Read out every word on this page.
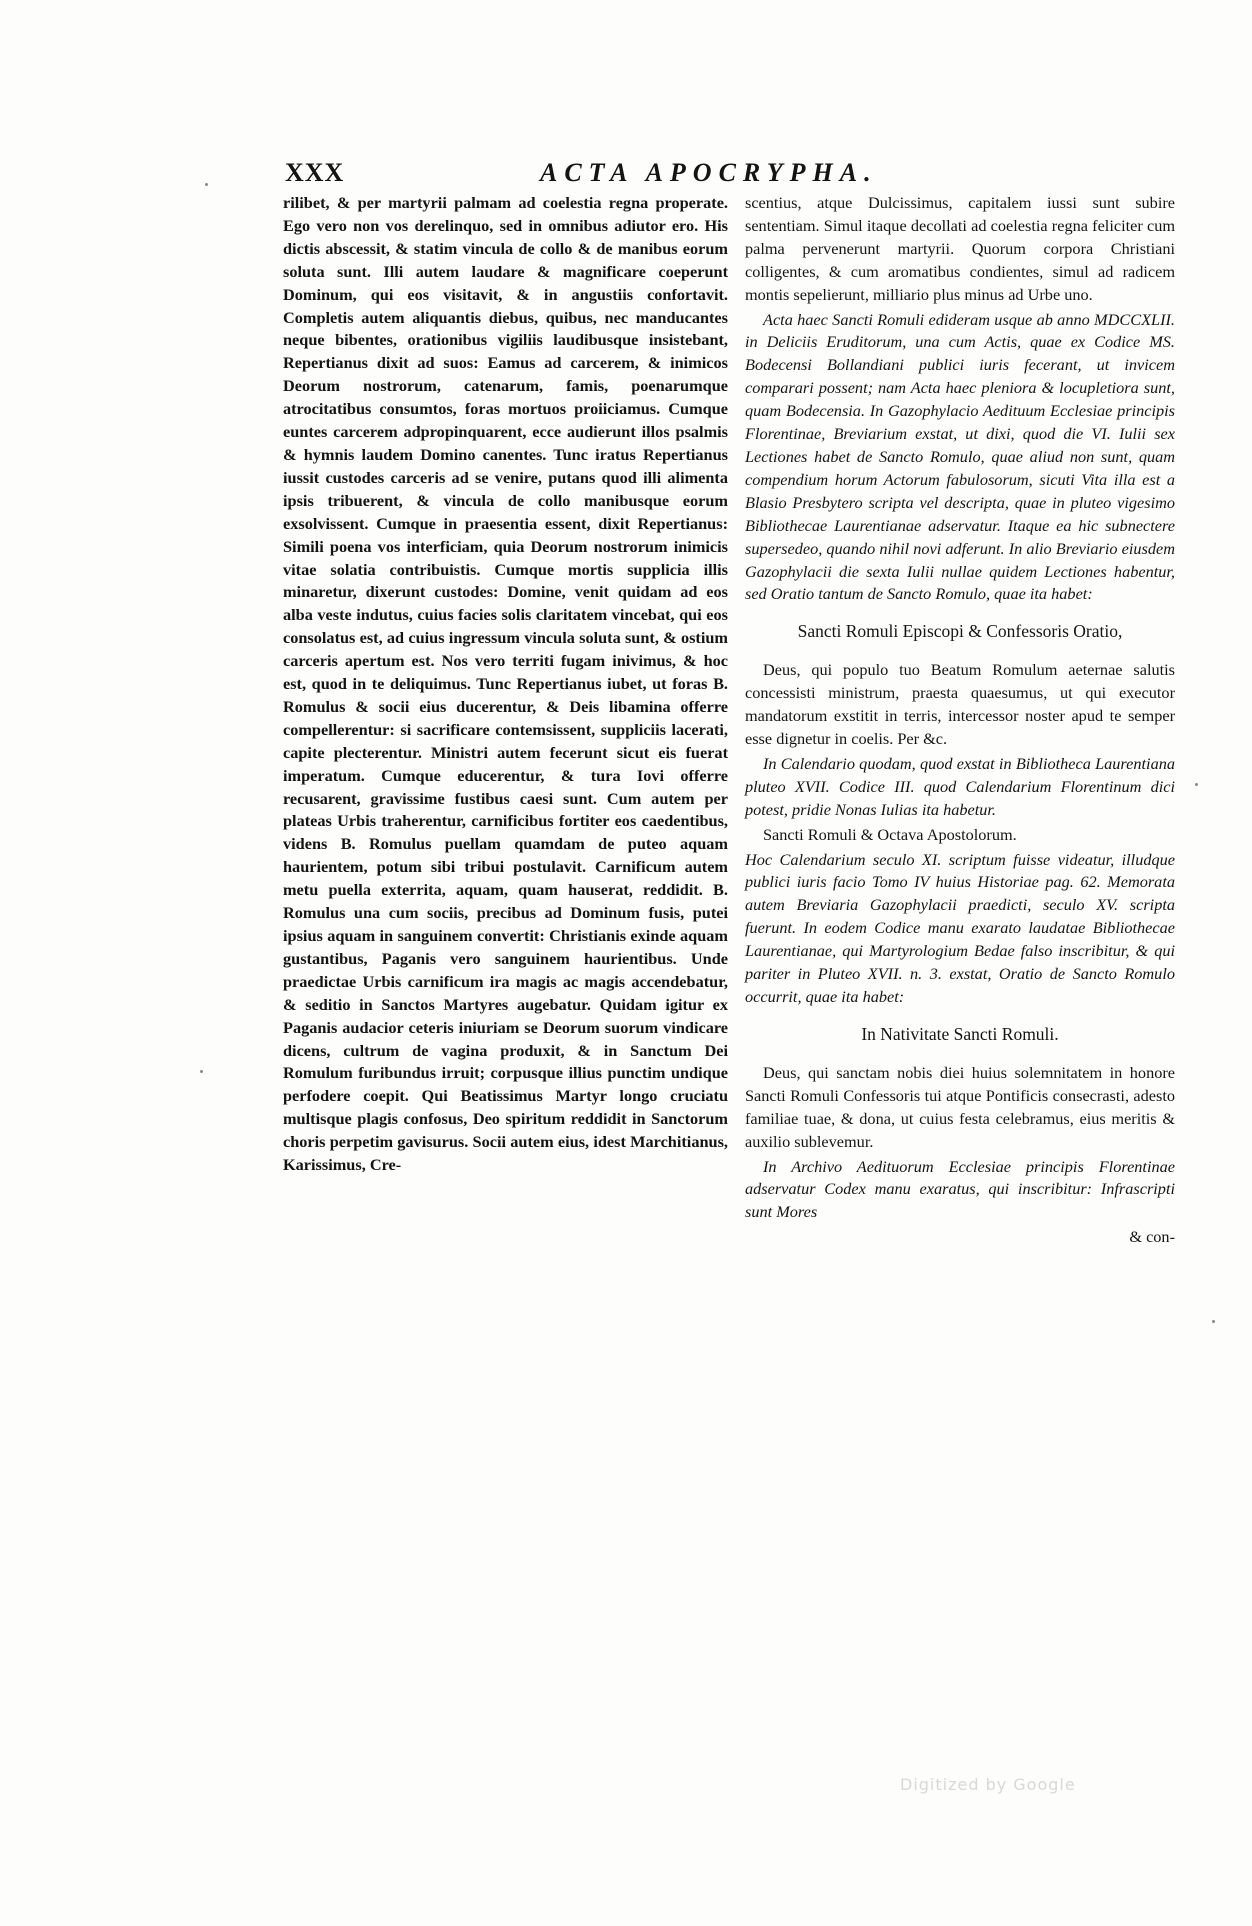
XXX	ACTA APOCRYPHA.

rilibet, & per martyrii palmam ad coelestia regna properate. Ego vero non vos derelinquo, sed in omnibus adiutor ero. His dictis abscessit, & statim vincula de collo & de manibus eorum soluta sunt. Illi autem laudare & magnificare coeperunt Dominum, qui eos visitavit, & in angustiis confortavit. Completis autem aliquantis diebus, quibus, nec manducantes neque bibentes, orationibus vigiliis laudibusque insistebant, Repertianus dixit ad suos: Eamus ad carcerem, & inimicos Deorum nostrorum, catenarum, famis, poenarumque atrocitatibus consumtos, foras mortuos proiiciamus. Cumque euntes carcerem adpropinquarent, ecce audierunt illos psalmis & hymnis laudem Domino canentes. Tunc iratus Repertianus iussit custodes carceris ad se venire, putans quod illi alimenta ipsis tribuerent, & vincula de collo manibusque eorum exsolvissent. Cumque in praesentia essent, dixit Repertianus: Simili poena vos interficiam, quia Deorum nostrorum inimicis vitae solatia contribuistis. Cumque mortis supplicia illis minaretur, dixerunt custodes: Domine, venit quidam ad eos alba veste indutus, cuius facies solis claritatem vincebat, qui eos consolatus est, ad cuius ingressum vincula soluta sunt, & ostium carceris apertum est. Nos vero territi fugam inivimus, & hoc est, quod in te deliquimus. Tunc Repertianus iubet, ut foras B. Romulus & socii eius ducerentur, & Deis libamina offerre compellerentur: si sacrificare contemsissent, suppliciis lacerati, capite plecterentur. Ministri autem fecerunt sicut eis fuerat imperatum. Cumque educerentur, & tura Iovi offerre recusarent, gravissime fustibus caesi sunt. Cum autem per plateas Urbis traherentur, carnificibus fortiter eos caedentibus, videns B. Romulus puellam quamdam de puteo aquam haurientem, potum sibi tribui postulavit. Carnificum autem metu puella exterrita, aquam, quam hauserat, reddidit. B. Romulus una cum sociis, precibus ad Dominum fusis, putei ipsius aquam in sanguinem convertit: Christianis exinde aquam gustantibus, Paganis vero sanguinem haurientibus. Unde praedictae Urbis carnificum ira magis ac magis accendebatur, & seditio in Sanctos Martyres augebatur. Quidam igitur ex Paganis audacior ceteris iniuriam se Deorum suorum vindicare dicens, cultrum de vagina produxit, & in Sanctum Dei Romulum furibundus irruit; corpusque illius punctim undique perfodere coepit. Qui Beatissimus Martyr longo cruciatu multisque plagis confosus, Deo spiritum reddidit in Sanctorum choris perpetim gavisurus. Socii autem eius, idest Marchitianus, Karissimus, Cre-

scentius, atque Dulcissimus, capitalem iussi sunt subire sententiam. Simul itaque decollati ad coelestia regna feliciter cum palma pervenerunt martyrii. Quorum corpora Christiani colligentes, & cum aromatibus condientes, simul ad radicem montis sepelierunt, milliario plus minus ad Urbe uno.

Acta haec Sancti Romuli edideram usque ab anno MDCCXLII. in Deliciis Eruditorum, una cum Actis, quae ex Codice MS. Bodecensi Bollandiani publici iuris fecerant, ut invicem comparari possent; nam Acta haec pleniora & locupletiora sunt, quam Bodecensia. In Gazophylacio Aedituum Ecclesiae principis Florentinae, Breviarium exstat, ut dixi, quod die VI. Iulii sex Lectiones habet de Sancto Romulo, quae aliud non sunt, quam compendium horum Actorum fabulosorum, sicuti Vita illa est a Blasio Presbytero scripta vel descripta, quae in pluteo vigesimo Bibliothecae Laurentianae adservatur. Itaque ea hic subnectere supersedeo, quando nihil novi adferunt. In alio Breviario eiusdem Gazophylacii die sexta Iulii nullae quidem Lectiones habentur, sed Oratio tantum de Sancto Romulo, quae ita habet:

Sancti Romuli Episcopi & Confessoris Oratio,

Deus, qui populo tuo Beatum Romulum aeternae salutis concessisti ministrum, praesta quaesumus, ut qui executor mandatorum exstitit in terris, intercessor noster apud te semper esse dignetur in coelis. Per &c.

In Calendario quodam, quod exstat in Bibliotheca Laurentiana pluteo XVII. Codice III. quod Calendarium Florentinum dici potest, pridie Nonas Iulias ita habetur.

Sancti Romuli & Octava Apostolorum.

Hoc Calendarium seculo XI. scriptum fuisse videatur, illudque publici iuris facio Tomo IV huius Historiae pag. 62. Memorata autem Breviaria Gazophylacii praedicti, seculo XV. scripta fuerunt. In eodem Codice manu exarato laudatae Bibliothecae Laurentianae, qui Martyrologium Bedae falso inscribitur, & qui pariter in Pluteo XVII. n. 3. exstat, Oratio de Sancto Romulo occurrit, quae ita habet:

In Nativitate Sancti Romuli.

Deus, qui sanctam nobis diei huius solemnitatem in honore Sancti Romuli Confessoris tui atque Pontificis consecrasti, adesto familiae tuae, & dona, ut cuius festa celebramus, eius meritis & auxilio sublevemur.

In Archivo Aedituorum Ecclesiae principis Florentinae adservatur Codex manu exaratus, qui inscribitur: Infrascripti sunt Mores

& con-
Digitized by Google
